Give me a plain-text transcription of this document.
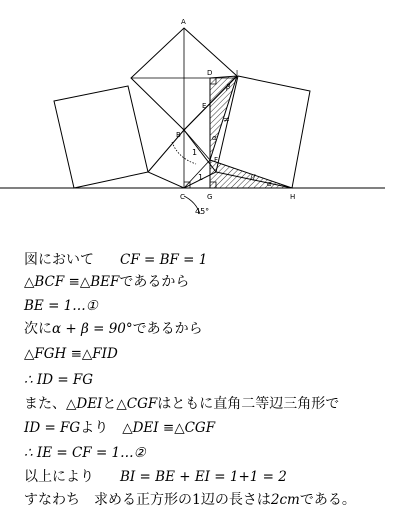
A
D	I
E
B
F
C	G	H
1
1
45°
β
α
α
≠
//
図において CF = BF = 1
△BCF ≡△BEFであるから
BE = 1…①
次にα + β = 90°であるから
△FGH ≡△FID
∴ ID = FG
また、△DEIと△CGFはともに直角二等辺三角形で
ID = FGより △DEI ≡△CGF
∴ IE = CF = 1…②
以上により BI = BE + EI = 1+1 = 2
すなわち　求める正方形の1辺の長さは2cmである。
